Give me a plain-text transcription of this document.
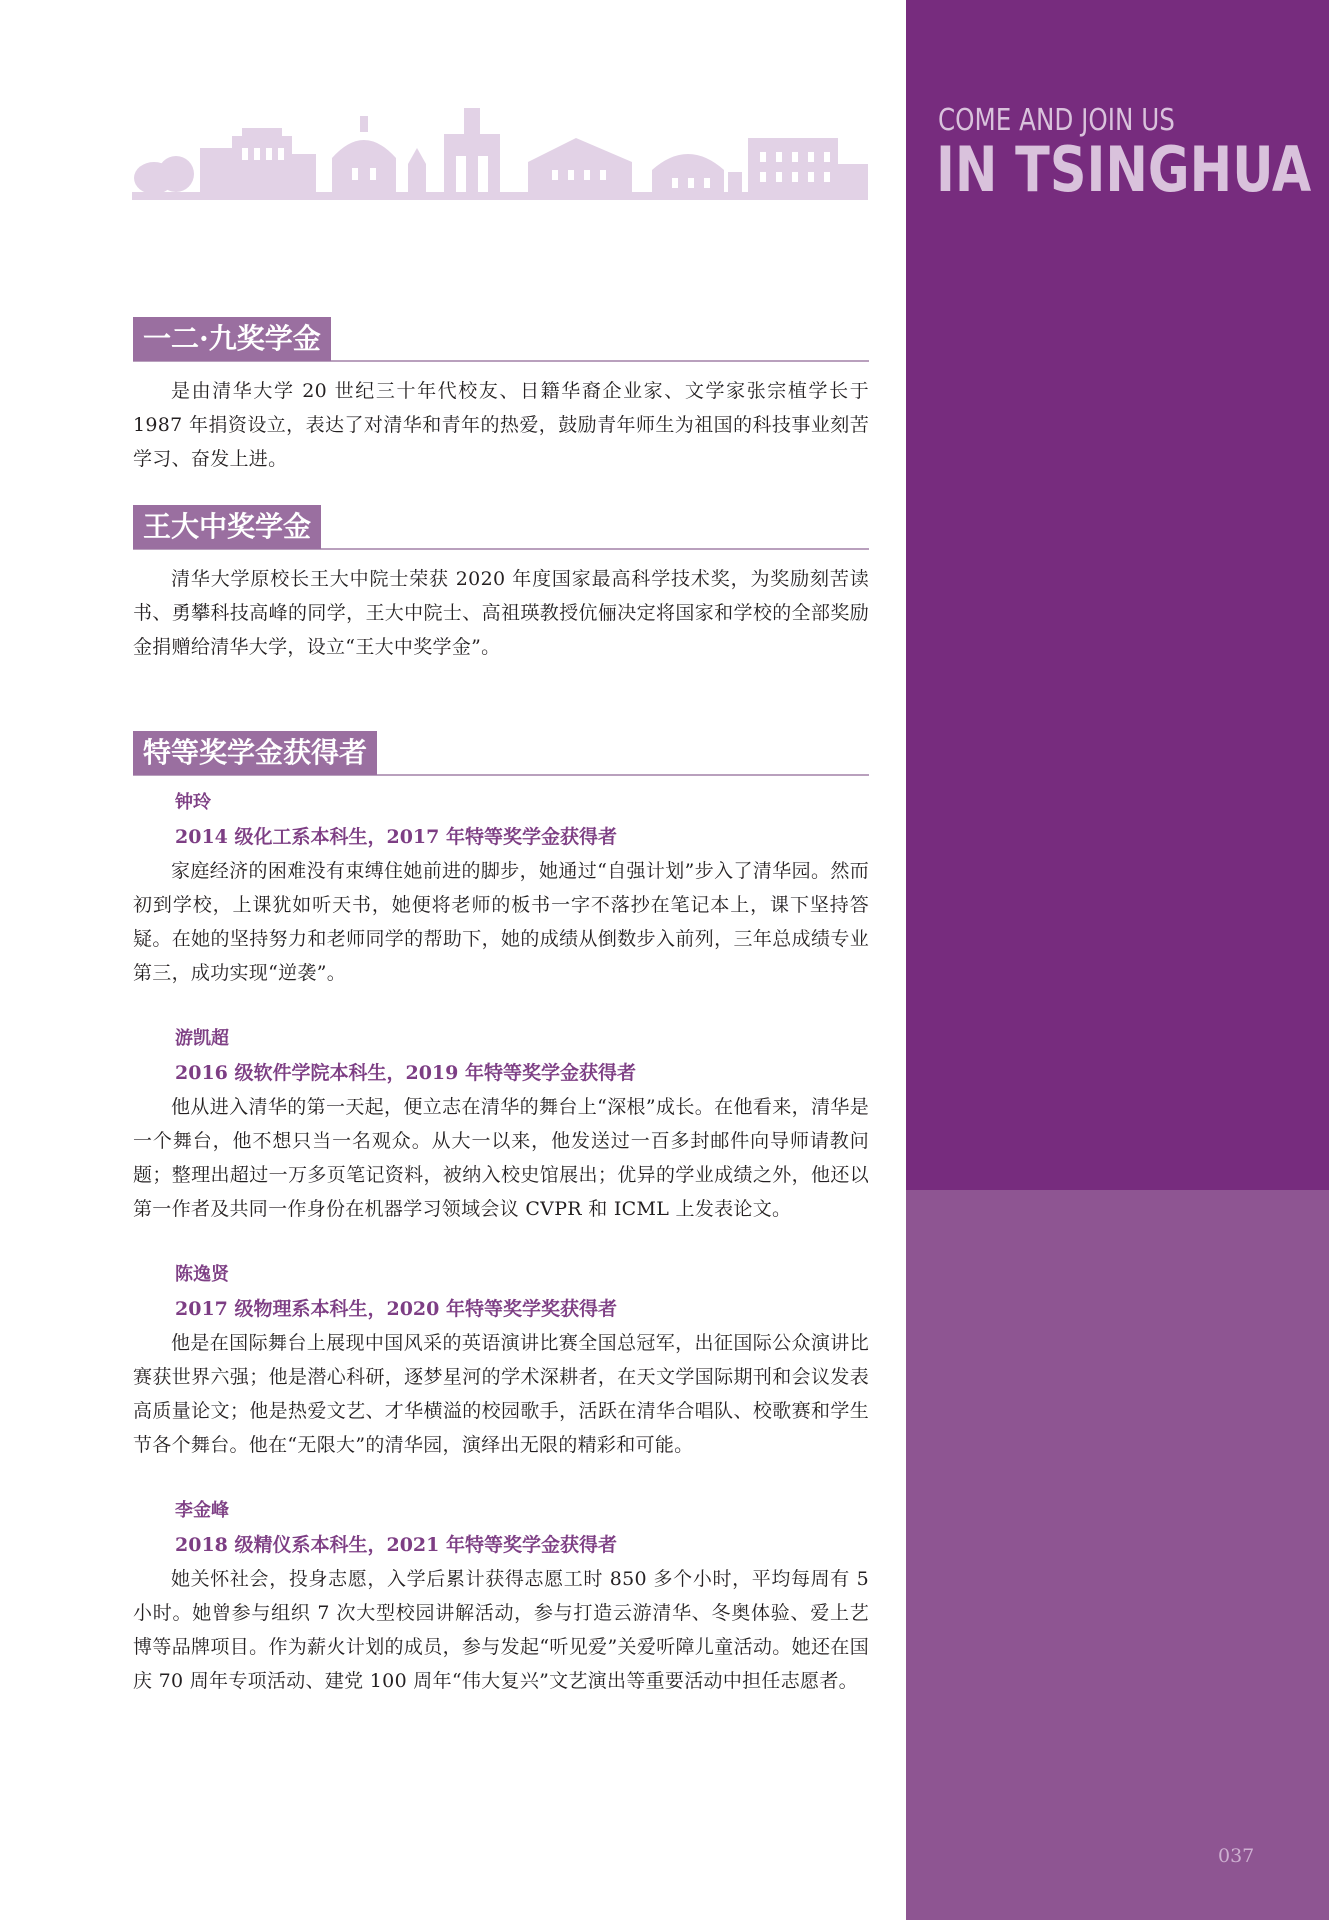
COME AND JOIN US
IN TSINGHUA
一二·九奖学金

是由清华大学 20 世纪三十年代校友、日籍华裔企业家、文学家张宗植学长于 1987 年捐资设立，表达了对清华和青年的热爱，鼓励青年师生为祖国的科技事业刻苦学习、奋发上进。

王大中奖学金

清华大学原校长王大中院士荣获 2020 年度国家最高科学技术奖，为奖励刻苦读书、勇攀科技高峰的同学，王大中院士、高祖瑛教授伉俪决定将国家和学校的全部奖励金捐赠给清华大学，设立“王大中奖学金”。

特等奖学金获得者

钟玲

2014 级化工系本科生，2017 年特等奖学金获得者

家庭经济的困难没有束缚住她前进的脚步，她通过“自强计划”步入了清华园。然而初到学校，上课犹如听天书，她便将老师的板书一字不落抄在笔记本上，课下坚持答疑。在她的坚持努力和老师同学的帮助下，她的成绩从倒数步入前列，三年总成绩专业第三，成功实现“逆袭”。

游凯超

2016 级软件学院本科生，2019 年特等奖学金获得者

他从进入清华的第一天起，便立志在清华的舞台上“深根”成长。在他看来，清华是一个舞台，他不想只当一名观众。从大一以来，他发送过一百多封邮件向导师请教问题；整理出超过一万多页笔记资料，被纳入校史馆展出；优异的学业成绩之外，他还以第一作者及共同一作身份在机器学习领域会议 CVPR 和 ICML 上发表论文。

陈逸贤

2017 级物理系本科生，2020 年特等奖学奖获得者

他是在国际舞台上展现中国风采的英语演讲比赛全国总冠军，出征国际公众演讲比赛获世界六强；他是潜心科研，逐梦星河的学术深耕者，在天文学国际期刊和会议发表高质量论文；他是热爱文艺、才华横溢的校园歌手，活跃在清华合唱队、校歌赛和学生节各个舞台。他在“无限大”的清华园，演绎出无限的精彩和可能。

李金峰

2018 级精仪系本科生，2021 年特等奖学金获得者

她关怀社会，投身志愿，入学后累计获得志愿工时 850 多个小时，平均每周有 5 小时。她曾参与组织 7 次大型校园讲解活动，参与打造云游清华、冬奥体验、爱上艺博等品牌项目。作为薪火计划的成员，参与发起“听见爱”关爱听障儿童活动。她还在国庆 70 周年专项活动、建党 100 周年“伟大复兴”文艺演出等重要活动中担任志愿者。

037
